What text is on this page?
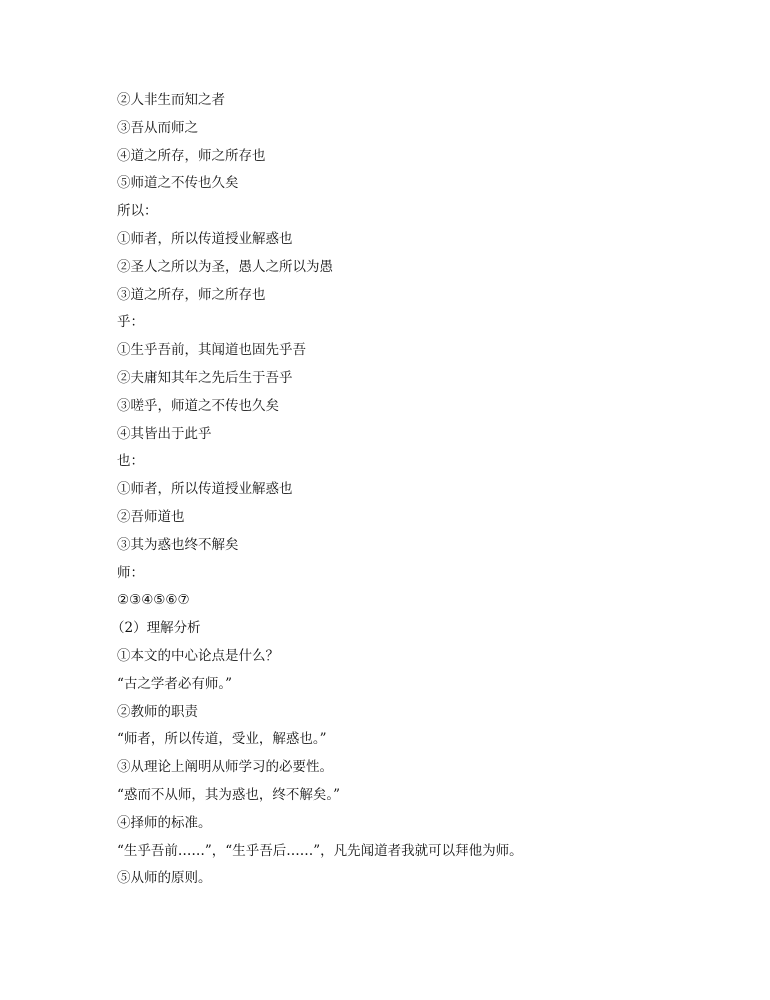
②人非生而知之者
③吾从而师之
④道之所存，师之所存也
⑤师道之不传也久矣
所以：
①师者，所以传道授业解惑也
②圣人之所以为圣，愚人之所以为愚
③道之所存，师之所存也
乎：
①生乎吾前，其闻道也固先乎吾
②夫庸知其年之先后生于吾乎
③嗟乎，师道之不传也久矣
④其皆出于此乎
也：
①师者，所以传道授业解惑也
②吾师道也
③其为惑也终不解矣
师：
②③④⑤⑥⑦
（2）理解分析
①本文的中心论点是什么？
“古之学者必有师。”
②教师的职责
“师者，所以传道，受业，解惑也。”
③从理论上阐明从师学习的必要性。
“惑而不从师，其为惑也，终不解矣。”
④择师的标准。
“生乎吾前……”，“生乎吾后……”，凡先闻道者我就可以拜他为师。
⑤从师的原则。
